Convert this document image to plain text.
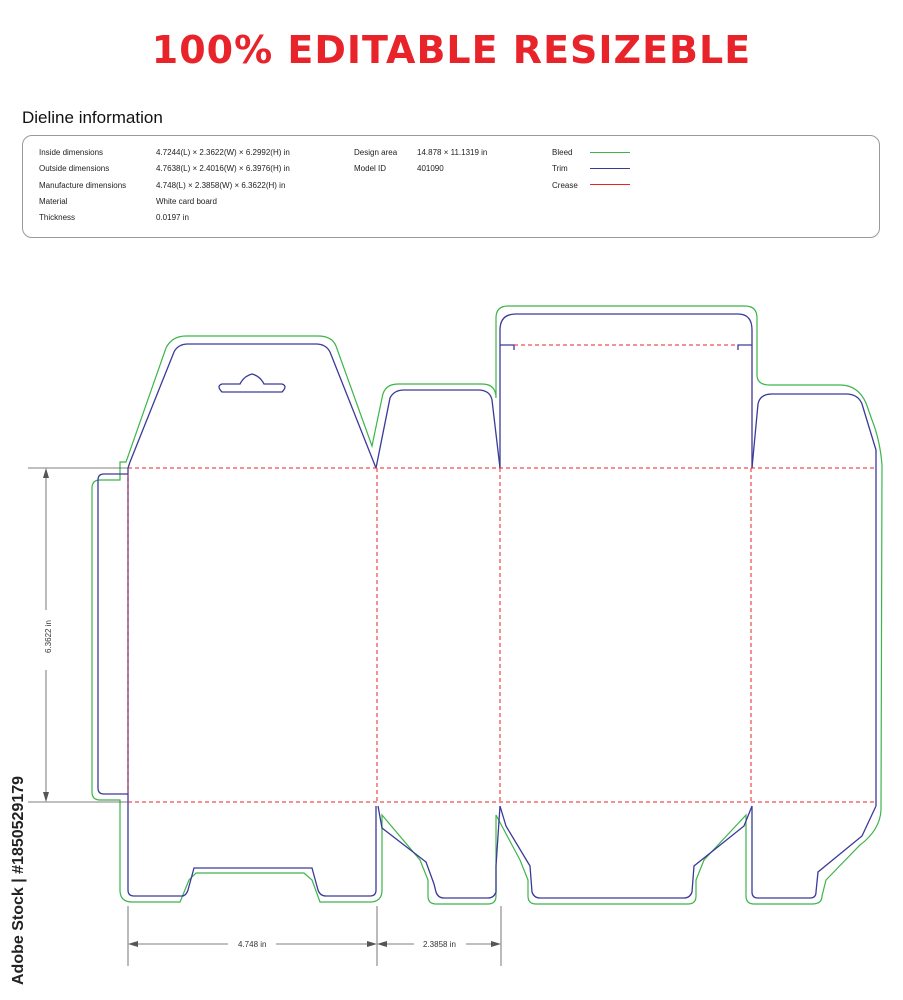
100% EDITABLE RESIZEBLE
Dieline information
Inside dimensions	4.7244(L) × 2.3622(W) × 6.2992(H) in
Outside dimensions	4.7638(L) × 2.4016(W) × 6.3976(H) in
Manufacture dimensions	4.748(L) × 2.3858(W) × 6.3622(H) in
Material	White card board
Thickness	0.0197 in
Design area 14.878 × 11.1319 in
Model ID	401090
Bleed
Trim
Crease
6.3622 in
4.748 in	2.3858 in
Adobe Stock | #1850529179
